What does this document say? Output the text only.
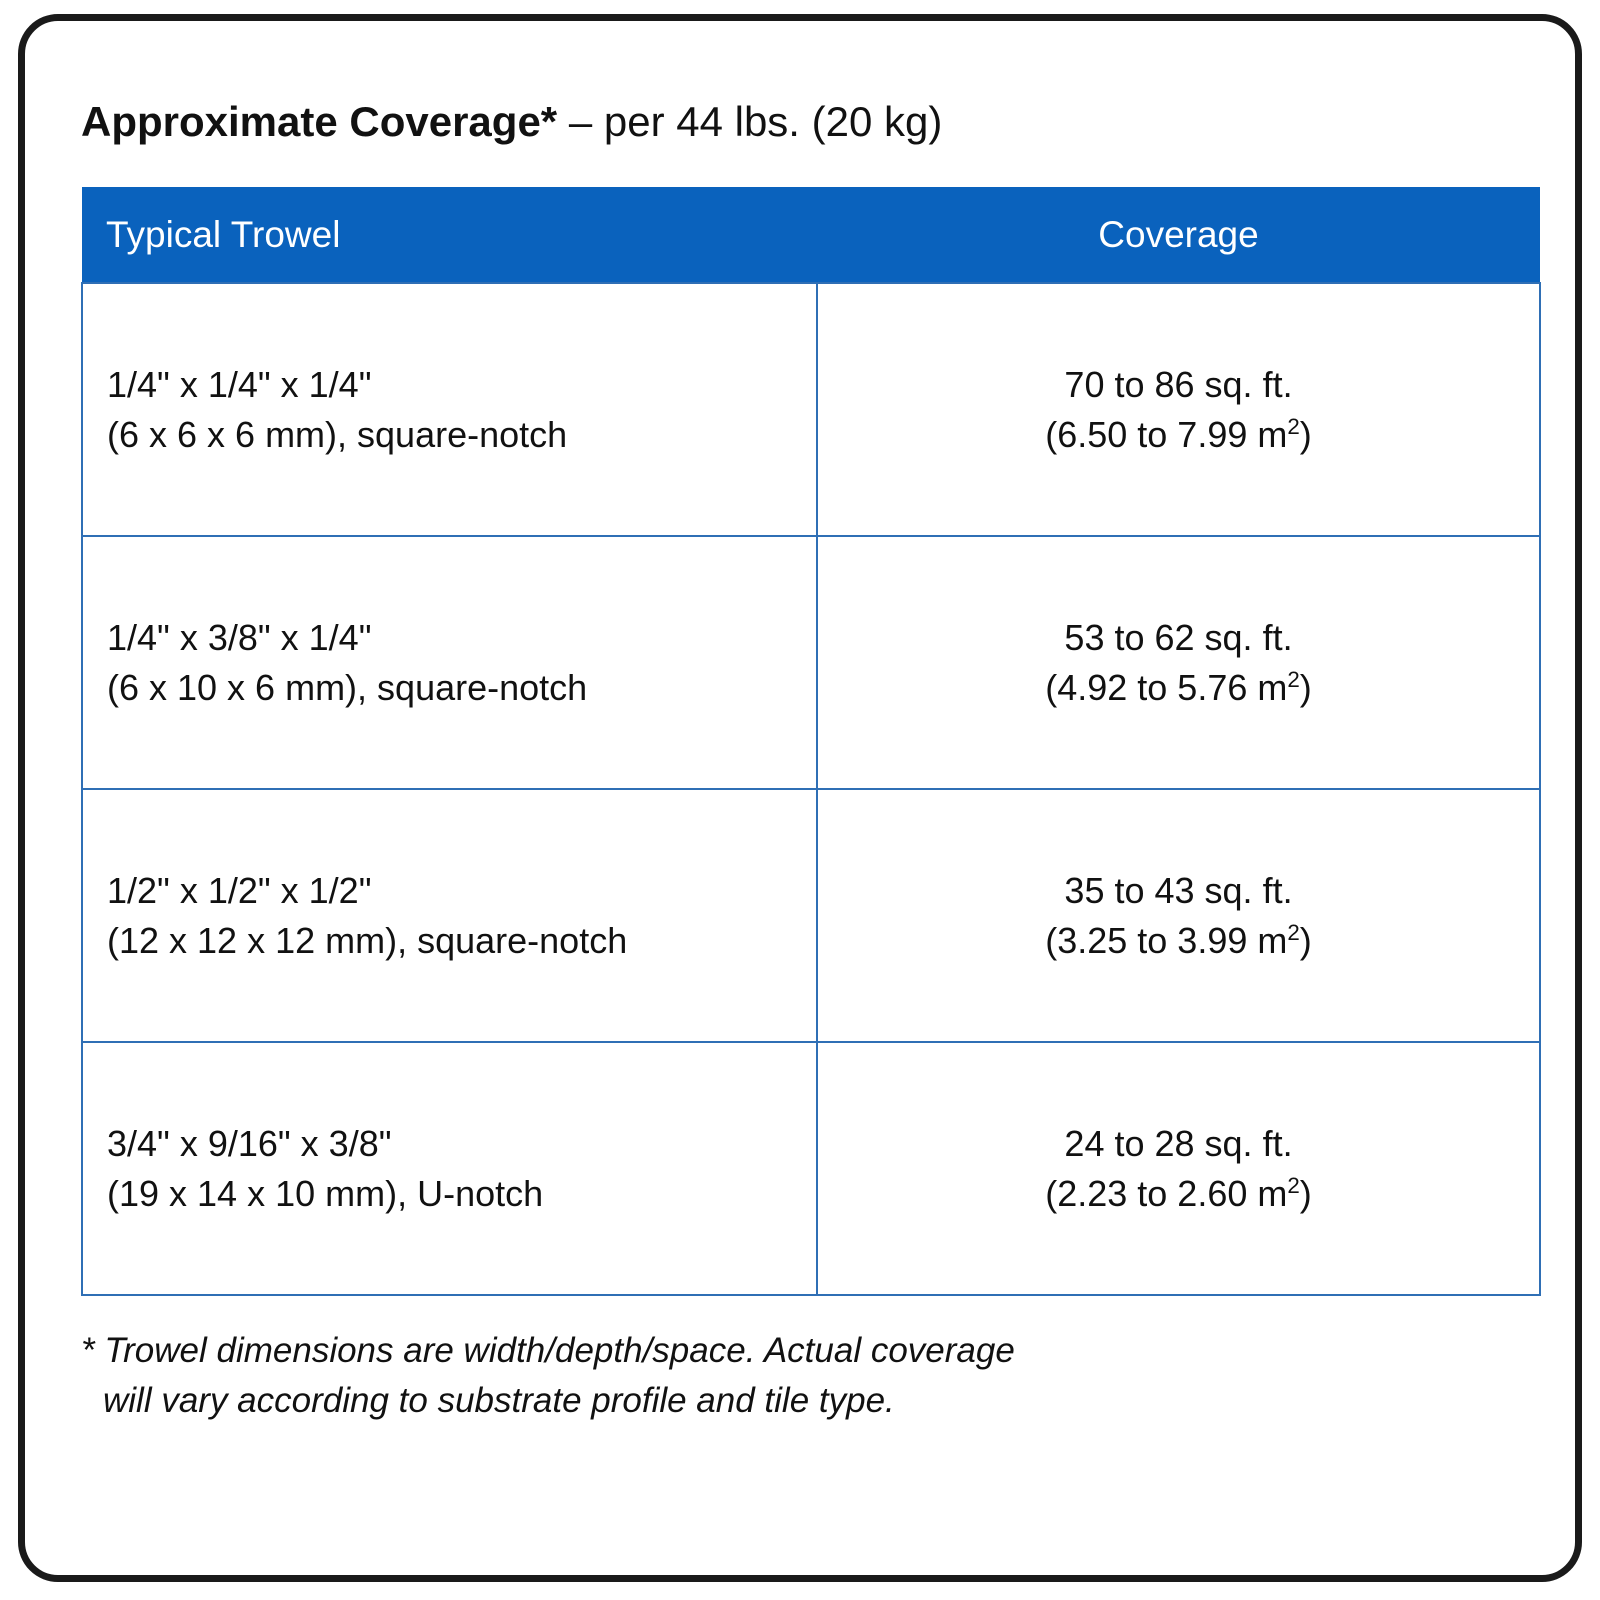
Approximate Coverage* – per 44 lbs. (20 kg)
Typical Trowel	Coverage

1/4" x 1/4" x 1/4"
(6 x 6 x 6 mm), square-notch	70 to 86 sq. ft.
(6.50 to 7.99 $m^2$)

1/4" x 3/8" x 1/4"
(6 x 10 x 6 mm), square-notch	53 to 62 sq. ft.
(4.92 to 5.76 $m^2$)

1/2" x 1/2" x 1/2"
(12 x 12 x 12 mm), square-notch	35 to 43 sq. ft.
(3.25 to 3.99 $m^2$)

3/4" x 9/16" x 3/8"
(19 x 14 x 10 mm), U-notch	24 to 28 sq. ft.
(2.23 to 2.60 $m^2$)
* Trowel dimensions are width/depth/space. Actual coverage
will vary according to substrate profile and tile type.
